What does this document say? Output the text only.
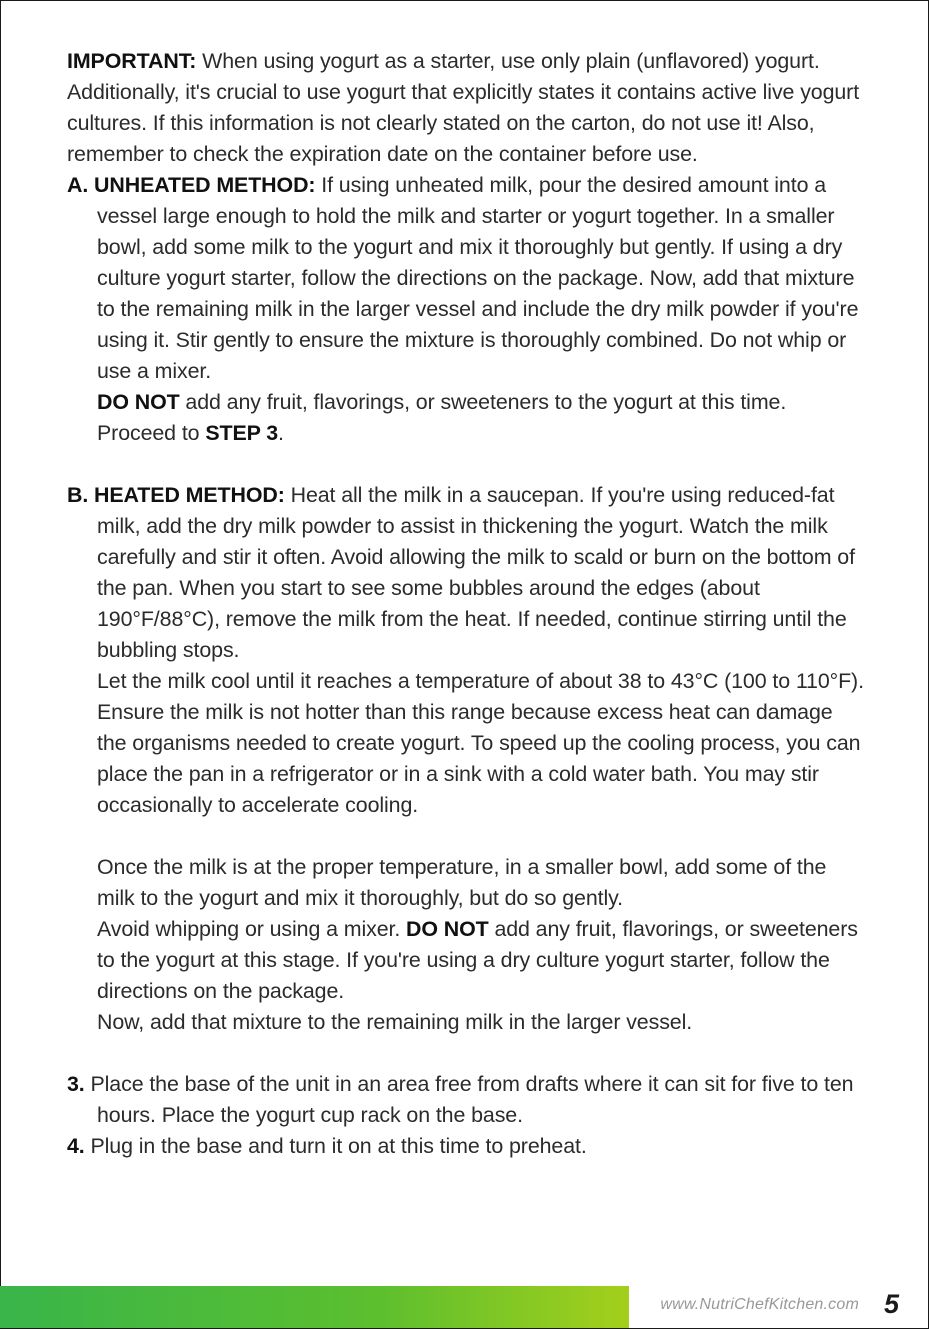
IMPORTANT: When using yogurt as a starter, use only plain (unflavored) yogurt. Additionally, it's crucial to use yogurt that explicitly states it contains active live yogurt cultures. If this information is not clearly stated on the carton, do not use it! Also, remember to check the expiration date on the container before use.

A. UNHEATED METHOD: If using unheated milk, pour the desired amount into a vessel large enough to hold the milk and starter or yogurt together. In a smaller bowl, add some milk to the yogurt and mix it thoroughly but gently. If using a dry culture yogurt starter, follow the directions on the package. Now, add that mixture to the remaining milk in the larger vessel and include the dry milk powder if you're using it. Stir gently to ensure the mixture is thoroughly combined. Do not whip or use a mixer.

DO NOT add any fruit, flavorings, or sweeteners to the yogurt at this time.

Proceed to STEP 3.

B. HEATED METHOD: Heat all the milk in a saucepan. If you're using reduced-fat milk, add the dry milk powder to assist in thickening the yogurt. Watch the milk carefully and stir it often. Avoid allowing the milk to scald or burn on the bottom of the pan. When you start to see some bubbles around the edges (about 190°F/88°C), remove the milk from the heat. If needed, continue stirring until the bubbling stops.

Let the milk cool until it reaches a temperature of about 38 to 43°C (100 to 110°F). Ensure the milk is not hotter than this range because excess heat can damage the organisms needed to create yogurt. To speed up the cooling process, you can place the pan in a refrigerator or in a sink with a cold water bath. You may stir occasionally to accelerate cooling.

Once the milk is at the proper temperature, in a smaller bowl, add some of the milk to the yogurt and mix it thoroughly, but do so gently.

Avoid whipping or using a mixer. DO NOT add any fruit, flavorings, or sweeteners to the yogurt at this stage. If you're using a dry culture yogurt starter, follow the directions on the package.

Now, add that mixture to the remaining milk in the larger vessel.

3. Place the base of the unit in an area free from drafts where it can sit for five to ten hours. Place the yogurt cup rack on the base.

4. Plug in the base and turn it on at this time to preheat.

www.NutriChefKitchen.com 5
